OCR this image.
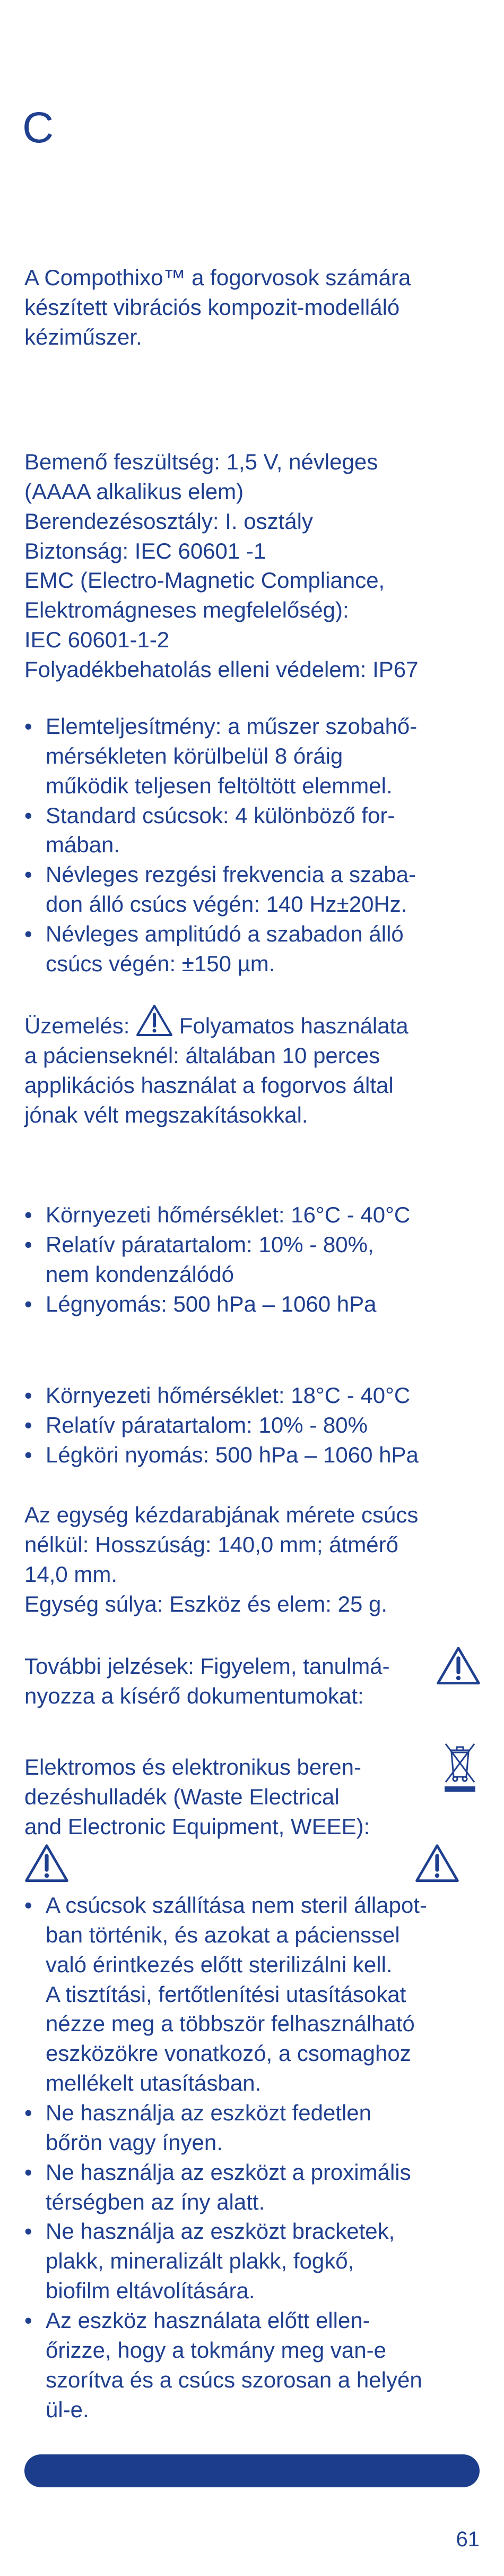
C

A Compothixo™ a fogorvosok számára
készített vibrációs kompozit-modelláló
kéziműszer.

Bemenő feszültség: 1,5 V, névleges
(AAAA alkalikus elem)
Berendezésosztály: I. osztály
Biztonság: IEC 60601 -1
EMC (Electro-Magnetic Compliance,
Elektromágneses megfelelőség):
IEC 60601-1-2
Folyadékbehatolás elleni védelem: IP67

• Elemteljesítmény: a műszer szobahő-
mérsékleten körülbelül 8 óráig
működik teljesen feltöltött elemmel.
• Standard csúcsok: 4 különböző for-
mában.
• Névleges rezgési frekvencia a szaba-
don álló csúcs végén: 140 Hz±20Hz.
• Névleges amplitúdó a szabadon álló
csúcs végén: ±150 µm.

Üzemelés: Folyamatos használata
a pácienseknél: általában 10 perces
applikációs használat a fogorvos által
jónak vélt megszakításokkal.

• Környezeti hőmérséklet: 16°C - 40°C
• Relatív páratartalom: 10% - 80%,
nem kondenzálódó
• Légnyomás: 500 hPa – 1060 hPa
• Környezeti hőmérséklet: 18°C - 40°C
• Relatív páratartalom: 10% - 80%
• Légköri nyomás: 500 hPa – 1060 hPa

Az egység kézdarabjának mérete csúcs
nélkül: Hosszúság: 140,0 mm; átmérő
14,0 mm.
Egység súlya: Eszköz és elem: 25 g.

További jelzések: Figyelem, tanulmá-
nyozza a kísérő dokumentumokat:

Elektromos és elektronikus beren-
dezéshulladék (Waste Electrical
and Electronic Equipment, WEEE):

• A csúcsok szállítása nem steril állapot-
ban történik, és azokat a pácienssel
való érintkezés előtt sterilizálni kell.
A tisztítási, fertőtlenítési utasításokat
nézze meg a többször felhasználható
eszközökre vonatkozó, a csomaghoz
mellékelt utasításban.
• Ne használja az eszközt fedetlen
bőrön vagy ínyen.
• Ne használja az eszközt a proximális
térségben az íny alatt.
• Ne használja az eszközt bracketek,
plakk, mineralizált plakk, fogkő,
biofilm eltávolítására.
• Az eszköz használata előtt ellen-
őrizze, hogy a tokmány meg van-e
szorítva és a csúcs szorosan a helyén
ül-e.
61
